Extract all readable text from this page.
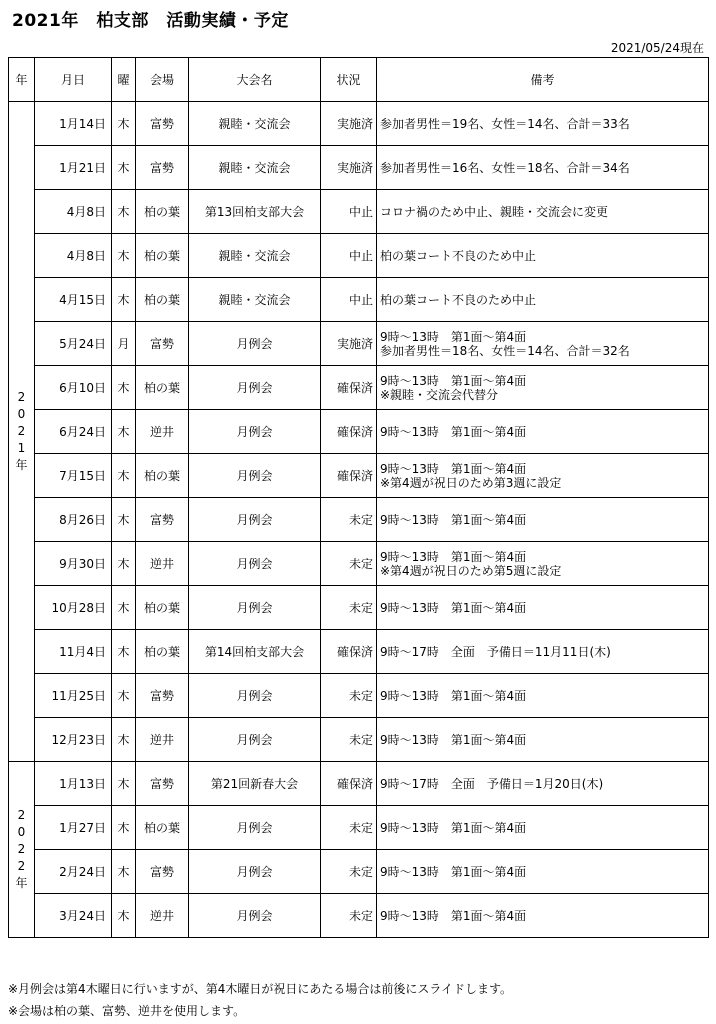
2021年　柏支部　活動実績・予定
2021/05/24現在
年	月日	曜	会場	大会名	状況	備考

2
0
2
1
年	1月14日	木	富勢	親睦・交流会	実施済	参加者男性＝19名、女性＝14名、合計＝33名
	1月21日	木	富勢	親睦・交流会	実施済	参加者男性＝16名、女性＝18名、合計＝34名
	4月8日	木	柏の葉	第13回柏支部大会	中止	コロナ禍のため中止、親睦・交流会に変更
	4月8日	木	柏の葉	親睦・交流会	中止	柏の葉コート不良のため中止
	4月15日	木	柏の葉	親睦・交流会	中止	柏の葉コート不良のため中止
	5月24日	月	富勢	月例会	実施済	9時～13時　第1面～第4面
参加者男性＝18名、女性＝14名、合計＝32名
	6月10日	木	柏の葉	月例会	確保済	9時～13時　第1面～第4面
※親睦・交流会代替分
	6月24日	木	逆井	月例会	確保済	9時～13時　第1面～第4面
	7月15日	木	柏の葉	月例会	確保済	9時～13時　第1面～第4面
※第4週が祝日のため第3週に設定
	8月26日	木	富勢	月例会	未定	9時～13時　第1面～第4面
	9月30日	木	逆井	月例会	未定	9時～13時　第1面～第4面
※第4週が祝日のため第5週に設定
	10月28日	木	柏の葉	月例会	未定	9時～13時　第1面～第4面
	11月4日	木	柏の葉	第14回柏支部大会	確保済	9時～17時　全面　予備日＝11月11日(木)
	11月25日	木	富勢	月例会	未定	9時～13時　第1面～第4面
	12月23日	木	逆井	月例会	未定	9時～13時　第1面～第4面

2
0
2
2
年	1月13日	木	富勢	第21回新春大会	確保済	9時～17時　全面　予備日＝1月20日(木)
	1月27日	木	柏の葉	月例会	未定	9時～13時　第1面～第4面
	2月24日	木	富勢	月例会	未定	9時～13時　第1面～第4面
	3月24日	木	逆井	月例会	未定	9時～13時　第1面～第4面
※月例会は第4木曜日に行いますが、第4木曜日が祝日にあたる場合は前後にスライドします。
※会場は柏の葉、富勢、逆井を使用します。
